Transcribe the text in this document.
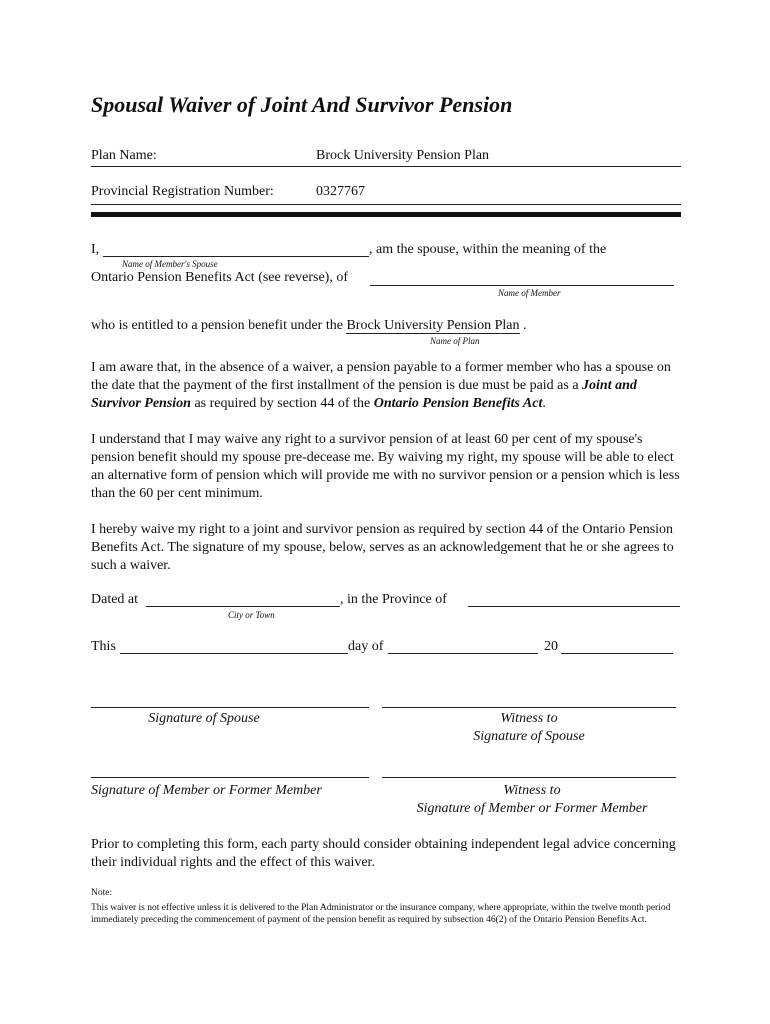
Spousal Waiver of Joint And Survivor Pension
Plan Name:	Brock University Pension Plan
Provincial Registration Number:	0327767
I,	, am the spouse, within the meaning of the
Name of Member's Spouse
Ontario Pension Benefits Act (see reverse), of
Name of Member
who is entitled to a pension benefit under the Brock University Pension Plan .
Name of Plan
I am aware that, in the absence of a waiver, a pension payable to a former member who has a spouse on the date that the payment of the first installment of the pension is due must be paid as a Joint and Survivor Pension as required by section 44 of the Ontario Pension Benefits Act.
I understand that I may waive any right to a survivor pension of at least 60 per cent of my spouse's pension benefit should my spouse pre-decease me. By waiving my right, my spouse will be able to elect an alternative form of pension which will provide me with no survivor pension or a pension which is less than the 60 per cent minimum.
I hereby waive my right to a joint and survivor pension as required by section 44 of the Ontario Pension Benefits Act. The signature of my spouse, below, serves as an acknowledgement that he or she agrees to such a waiver.
Dated at	, in the Province of
City or Town
This	day of	20
Signature of Spouse	Witness to
Signature of Spouse
Signature of Member or Former Member	Witness to
Signature of Member or Former Member
Prior to completing this form, each party should consider obtaining independent legal advice concerning their individual rights and the effect of this waiver.
Note:
This waiver is not effective unless it is delivered to the Plan Administrator or the insurance company, where appropriate, within the twelve month period immediately preceding the commencement of payment of the pension benefit as required by subsection 46(2) of the Ontario Pension Benefits Act.
